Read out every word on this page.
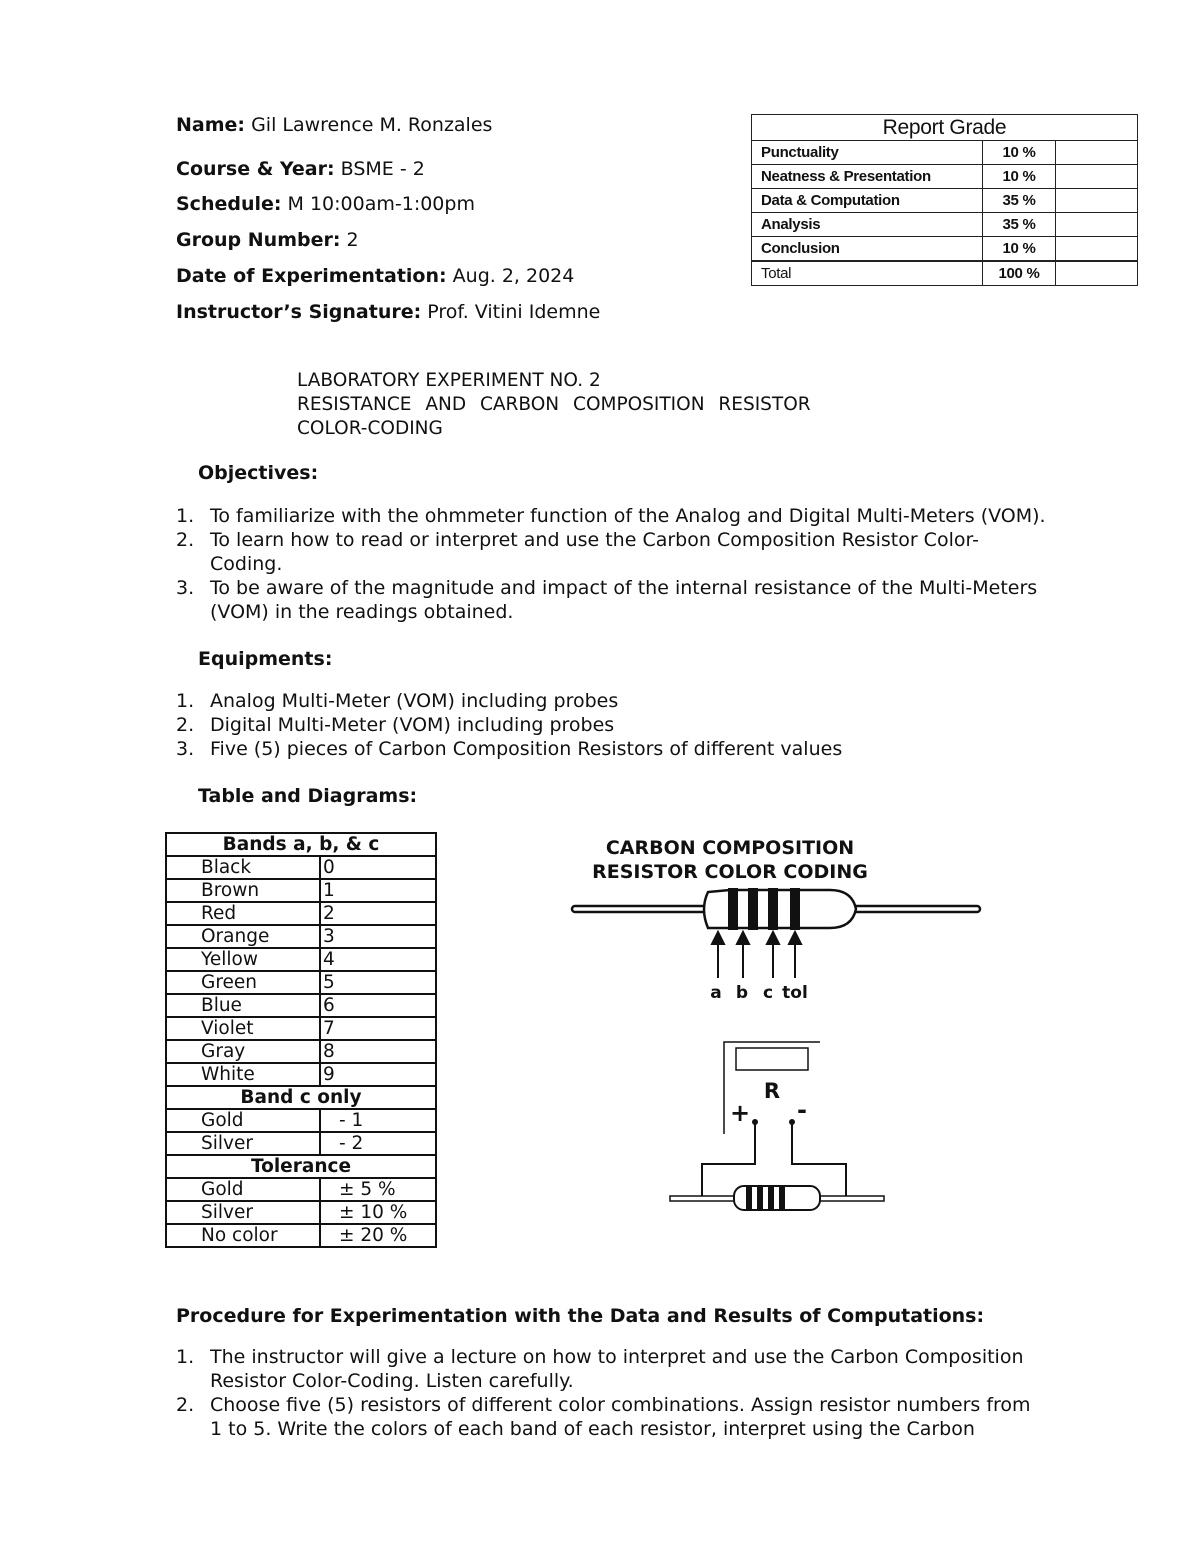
Name: Gil Lawrence M. Ronzales
Course & Year: BSME - 2
Schedule: M 10:00am-1:00pm
Group Number: 2
Date of Experimentation: Aug. 2, 2024
Instructor’s Signature: Prof. Vitini Idemne
Report Grade		
Punctuality	10 %	
Neatness & Presentation	10 %	
Data & Computation	35 %	
Analysis	35 %	
Conclusion	10 %	
Total	100 %	
LABORATORY EXPERIMENT NO. 2
RESISTANCE AND CARBON COMPOSITION RESISTOR
COLOR-CODING
Objectives:
1. To familiarize with the ohmmeter function of the Analog and Digital Multi-Meters (VOM).
2. To learn how to read or interpret and use the Carbon Composition Resistor Color-
Coding.
3. To be aware of the magnitude and impact of the internal resistance of the Multi-Meters
(VOM) in the readings obtained.
Equipments:
1. Analog Multi-Meter (VOM) including probes
2. Digital Multi-Meter (VOM) including probes
3. Five (5) pieces of Carbon Composition Resistors of different values
Table and Diagrams:
Bands a, b, & c	
Black	0
Brown	1
Red	2
Orange	3
Yellow	4
Green	5
Blue	6
Violet	7
Gray	8
White	9
Band c only	
Gold	- 1
Silver	- 2
Tolerance	
Gold	± 5 %
Silver	± 10 %
No color	± 20 %
CARBON COMPOSITION
RESISTOR COLOR CODING
a b c tol
R
+ -
Procedure for Experimentation with the Data and Results of Computations:
1. The instructor will give a lecture on how to interpret and use the Carbon Composition
Resistor Color-Coding. Listen carefully.
2. Choose five (5) resistors of different color combinations. Assign resistor numbers from
1 to 5. Write the colors of each band of each resistor, interpret using the Carbon
